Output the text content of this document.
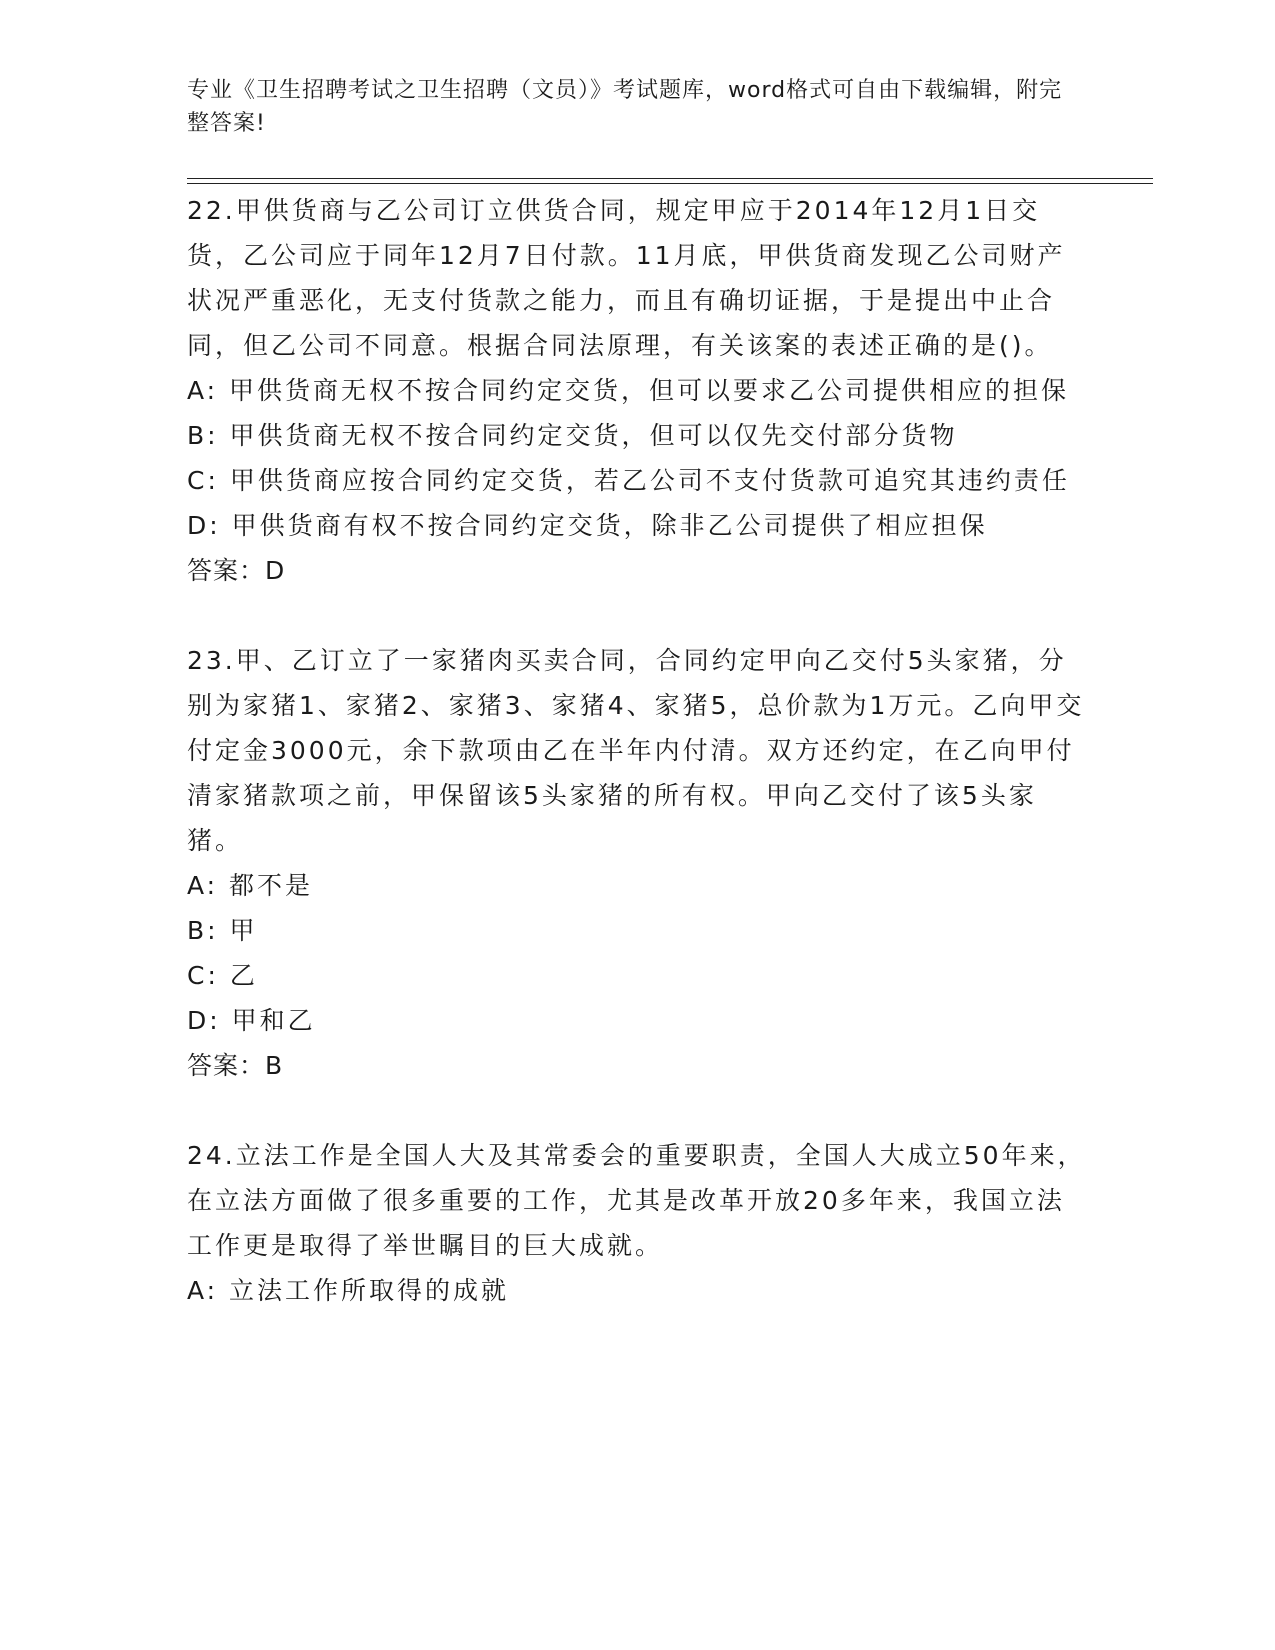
专业《卫生招聘考试之卫生招聘（文员）》考试题库，word格式可自由下载编辑，附完整答案!

22.甲供货商与乙公司订立供货合同，规定甲应于2014年12月1日交货，乙公司应于同年12月7日付款。11月底，甲供货商发现乙公司财产状况严重恶化，无支付货款之能力，而且有确切证据，于是提出中止合同，但乙公司不同意。根据合同法原理，有关该案的表述正确的是()。

A: 甲供货商无权不按合同约定交货，但可以要求乙公司提供相应的担保

B: 甲供货商无权不按合同约定交货，但可以仅先交付部分货物

C: 甲供货商应按合同约定交货，若乙公司不支付货款可追究其违约责任

D: 甲供货商有权不按合同约定交货，除非乙公司提供了相应担保

答案：D

23.甲、乙订立了一家猪肉买卖合同，合同约定甲向乙交付5头家猪，分别为家猪1、家猪2、家猪3、家猪4、家猪5，总价款为1万元。乙向甲交付定金3000元，余下款项由乙在半年内付清。双方还约定，在乙向甲付清家猪款项之前，甲保留该5头家猪的所有权。甲向乙交付了该5头家猪。

A: 都不是

B: 甲

C: 乙

D: 甲和乙

答案：B

24.立法工作是全国人大及其常委会的重要职责，全国人大成立50年来，在立法方面做了很多重要的工作，尤其是改革开放20多年来，我国立法工作更是取得了举世瞩目的巨大成就。

A: 立法工作所取得的成就
